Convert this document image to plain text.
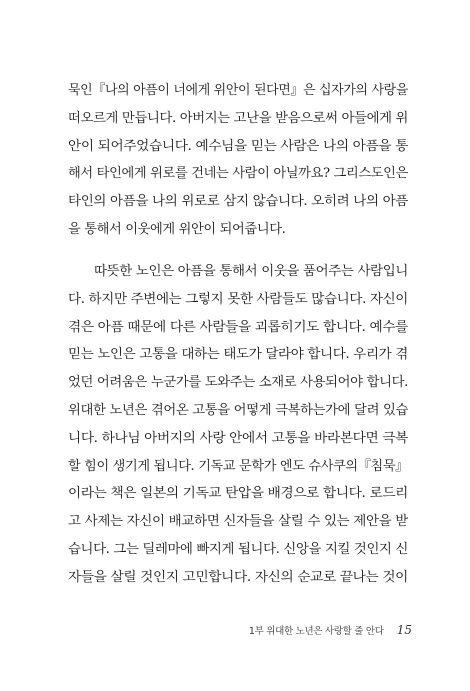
묵인『나의 아픔이 너에게 위안이 된다면』은 십자가의 사랑을
떠오르게 만듭니다. 아버지는 고난을 받음으로써 아들에게 위
안이 되어주었습니다. 예수님을 믿는 사람은 나의 아픔을 통
해서 타인에게 위로를 건네는 사람이 아닐까요? 그리스도인은
타인의 아픔을 나의 위로로 삼지 않습니다. 오히려 나의 아픔
을 통해서 이웃에게 위안이 되어줍니다.
따뜻한 노인은 아픔을 통해서 이웃을 품어주는 사람입니
다. 하지만 주변에는 그렇지 못한 사람들도 많습니다. 자신이
겪은 아픔 때문에 다른 사람들을 괴롭히기도 합니다. 예수를
믿는 노인은 고통을 대하는 태도가 달라야 합니다. 우리가 겪
었던 어려움은 누군가를 도와주는 소재로 사용되어야 합니다.
위대한 노년은 겪어온 고통을 어떻게 극복하는가에 달려 있습
니다. 하나님 아버지의 사랑 안에서 고통을 바라본다면 극복
할 힘이 생기게 됩니다. 기독교 문학가 엔도 슈사쿠의『침묵』
이라는 책은 일본의 기독교 탄압을 배경으로 합니다. 로드리
고 사제는 자신이 배교하면 신자들을 살릴 수 있는 제안을 받
습니다. 그는 딜레마에 빠지게 됩니다. 신앙을 지킬 것인지 신
자들을 살릴 것인지 고민합니다. 자신의 순교로 끝나는 것이
1부 위대한 노년은 사랑할 줄 안다 15
